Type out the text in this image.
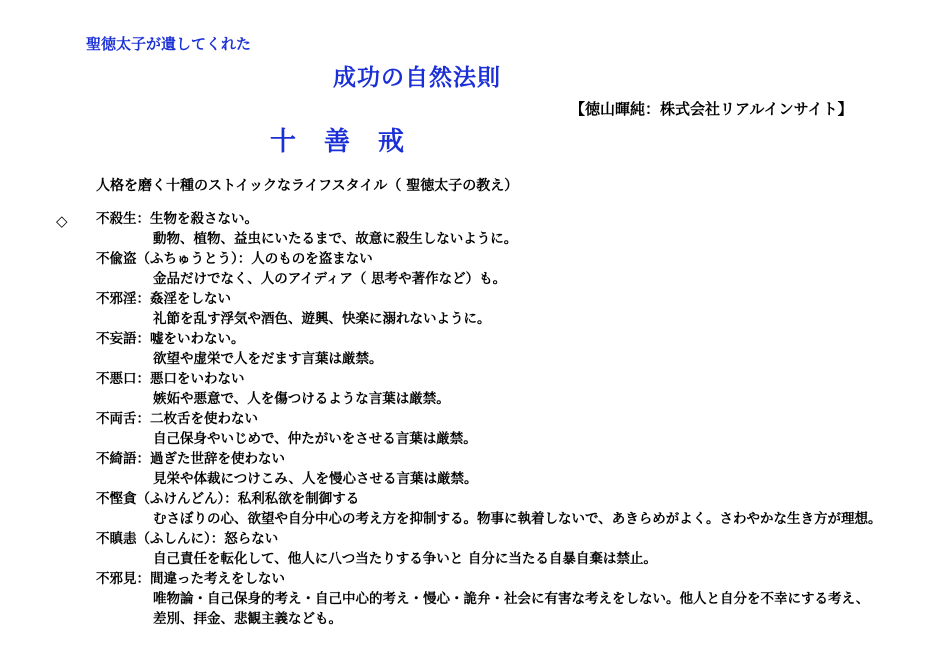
聖徳太子が遺してくれた
成功の自然法則
【徳山暉純：株式会社リアルインサイト】
十善戒
人格を磨く十種のストイックなライフスタイル（ 聖徳太子の教え）
◇ 不殺生：生物を殺さない。
動物、植物、益虫にいたるまで、故意に殺生しないように。
不偸盗（ふちゅうとう）：人のものを盗まない
金品だけでなく、人のアイディア（ 思考や著作など）も。
不邪淫：姦淫をしない
礼節を乱す浮気や酒色、遊興、快楽に溺れないように。
不妄語：嘘をいわない。
欲望や虚栄で人をだます言葉は厳禁。
不悪口：悪口をいわない
嫉妬や悪意で、人を傷つけるような言葉は厳禁。
不両舌：二枚舌を使わない
自己保身やいじめで、仲たがいをさせる言葉は厳禁。
不綺語：過ぎた世辞を使わない
見栄や体裁につけこみ、人を慢心させる言葉は厳禁。
不慳貪（ふけんどん）：私利私欲を制御する
むさぼりの心、欲望や自分中心の考え方を抑制する。物事に執着しないで、あきらめがよく。さわやかな生き方が理想。
不瞋恚（ふしんに）：怒らない
自己責任を転化して、他人に八つ当たりする争いと 自分に当たる自暴自棄は禁止。
不邪見：間違った考えをしない
唯物論・自己保身的考え・自己中心的考え・慢心・詭弁・社会に有害な考えをしない。他人と自分を不幸にする考え、
差別、拝金、悲観主義なども。
